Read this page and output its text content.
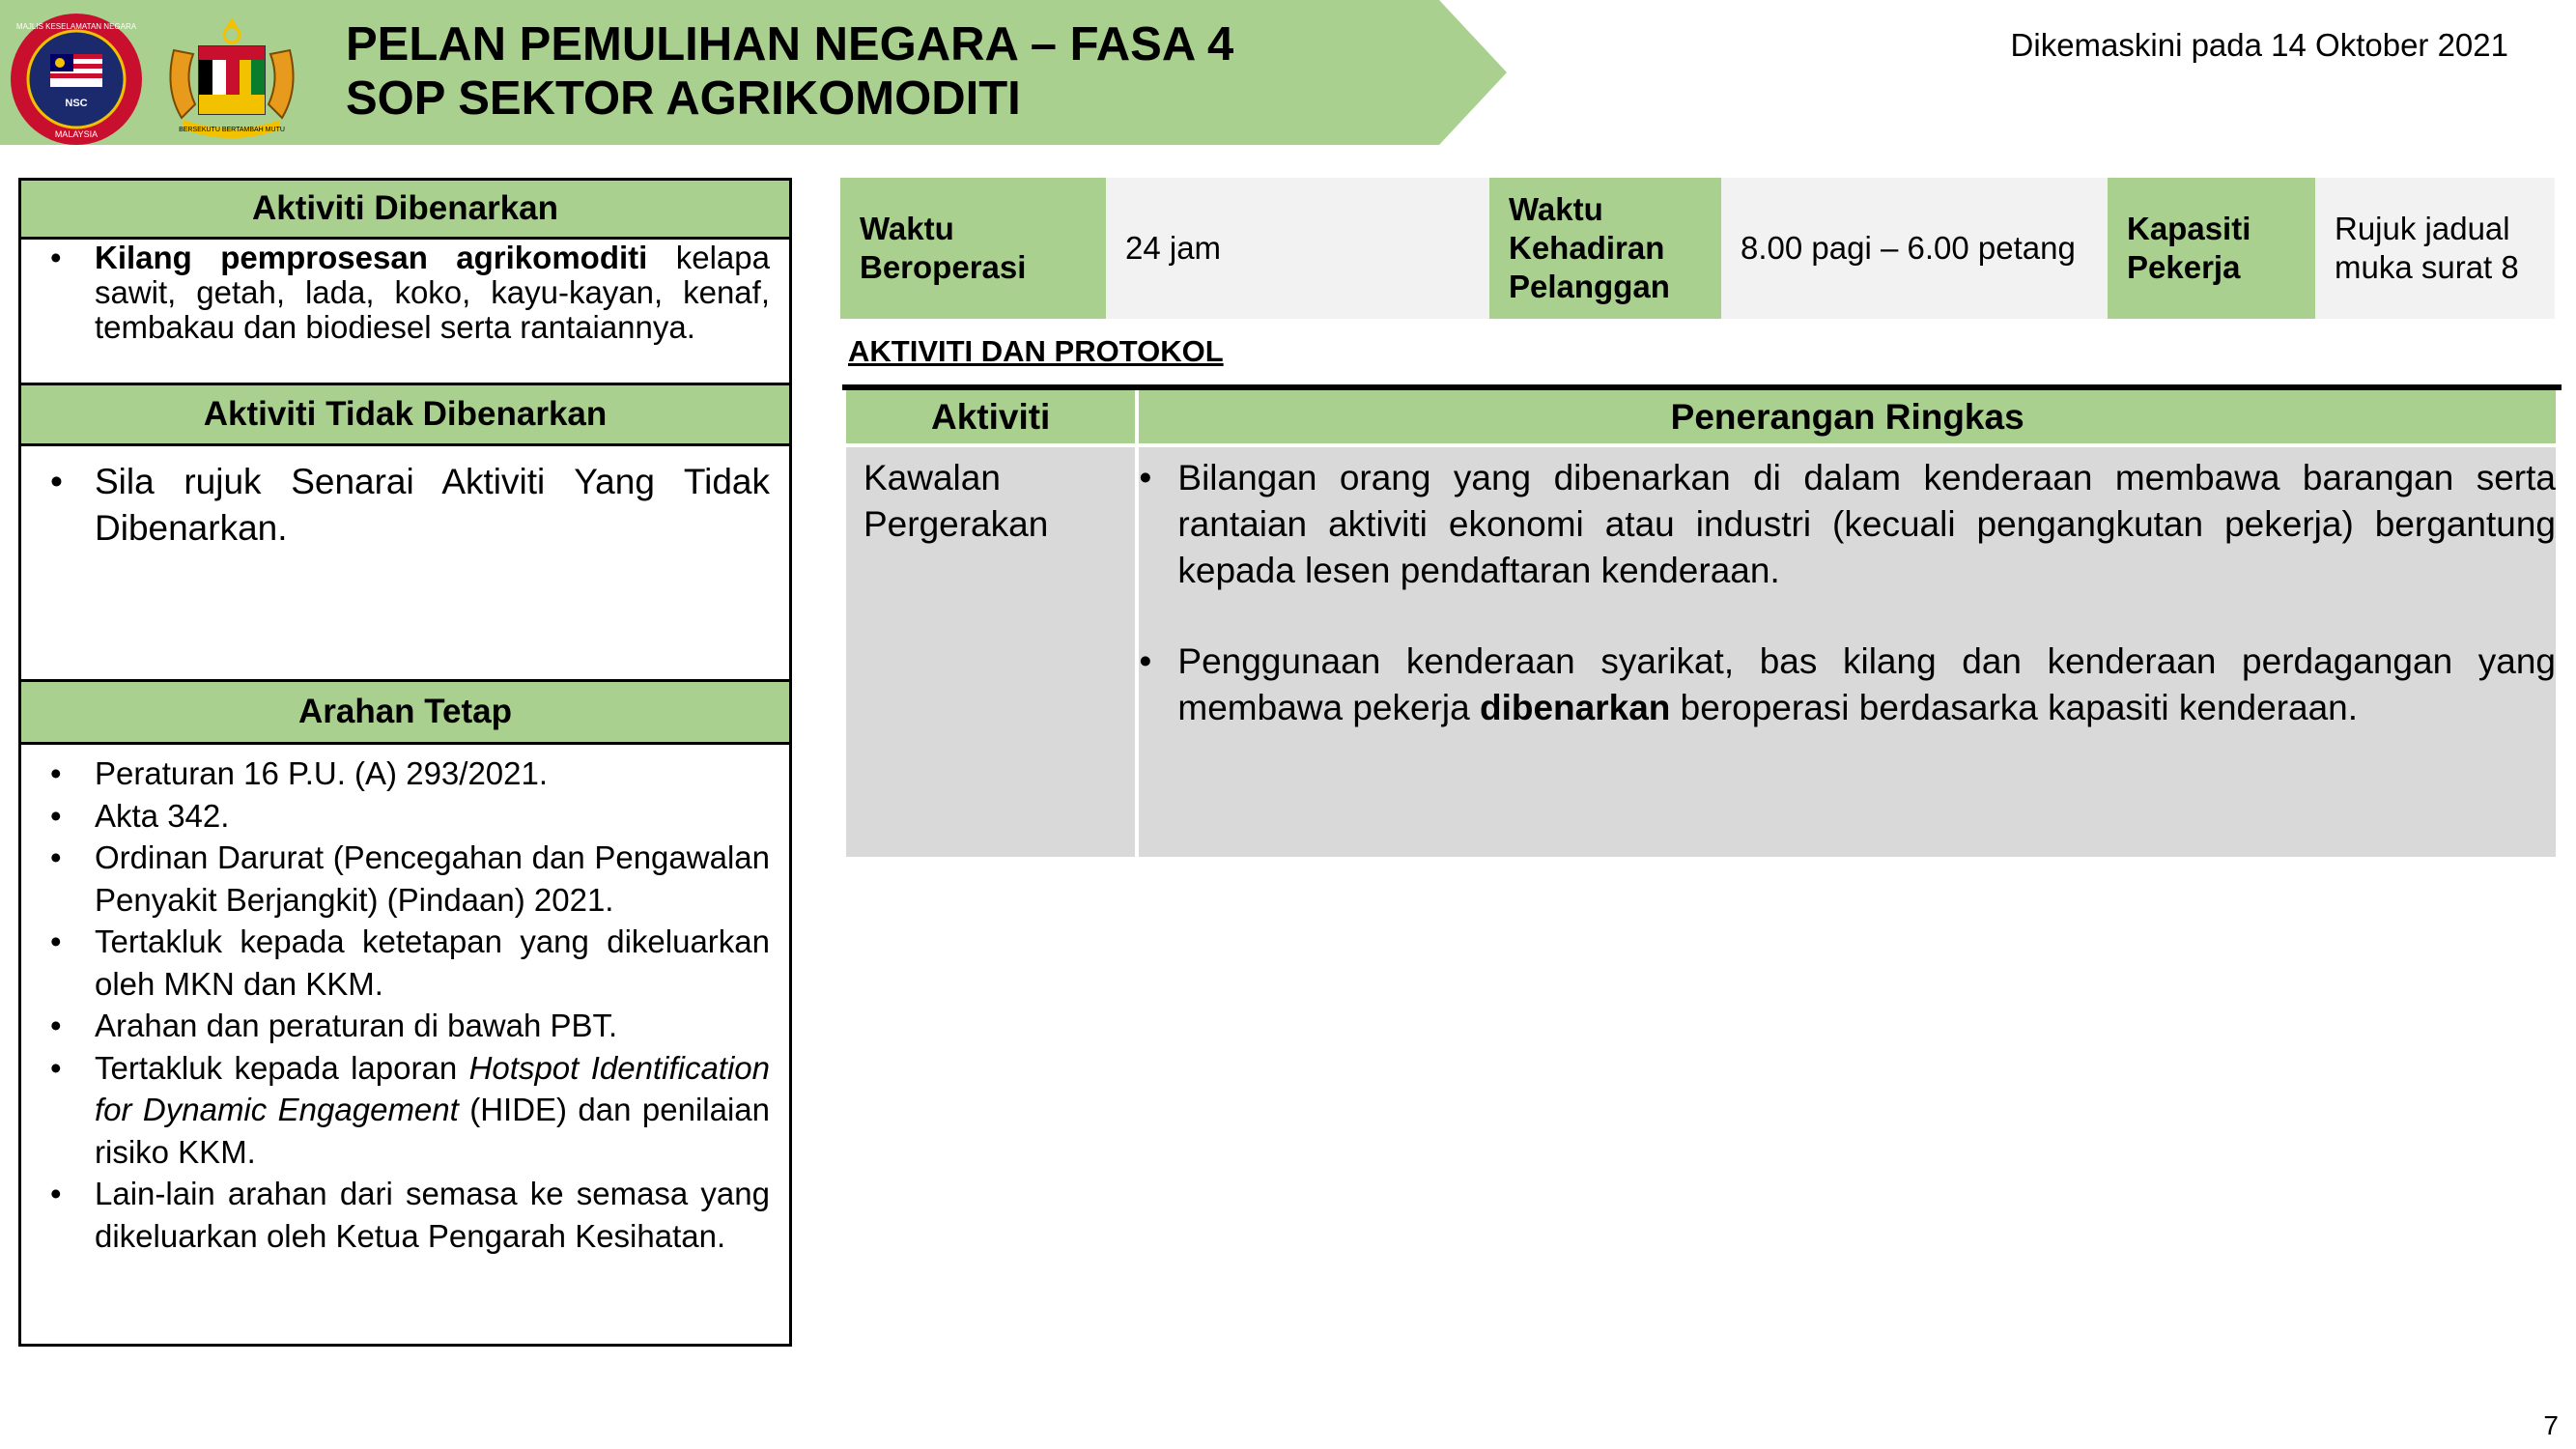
NSC
MAJLIS KESELAMATAN NEGARA
MALAYSIA	BERSEKUTU BERTAMBAH MUTU
PELAN PEMULIHAN NEGARA – FASA 4
SOP SEKTOR AGRIKOMODITI
Dikemaskini pada 14 Oktober 2021
Aktiviti Dibenarkan
• Kilang pemprosesan agrikomoditi kelapa sawit, getah, lada, koko, kayu-kayan, kenaf, tembakau dan biodiesel serta rantaiannya.
Aktiviti Tidak Dibenarkan
• Sila rujuk Senarai Aktiviti Yang Tidak Dibenarkan.
Arahan Tetap
• Peraturan 16 P.U. (A) 293/2021.
• Akta 342.
• Ordinan Darurat (Pencegahan dan Pengawalan Penyakit Berjangkit) (Pindaan) 2021.
• Tertakluk kepada ketetapan yang dikeluarkan oleh MKN dan KKM.
• Arahan dan peraturan di bawah PBT.
• Tertakluk kepada laporan Hotspot Identification for Dynamic Engagement (HIDE) dan penilaian risiko KKM.
• Lain-lain arahan dari semasa ke semasa yang dikeluarkan oleh Ketua Pengarah Kesihatan.
Waktu Beroperasi
24 jam
Waktu Kehadiran Pelanggan
8.00 pagi – 6.00 petang
Kapasiti Pekerja
Rujuk jadual muka surat 8
AKTIVITI DAN PROTOKOL
Aktiviti	Penerangan Ringkas
Kawalan Pergerakan
• Bilangan orang yang dibenarkan di dalam kenderaan membawa barangan serta rantaian aktiviti ekonomi atau industri (kecuali pengangkutan pekerja) bergantung kepada lesen pendaftaran kenderaan.
• Penggunaan kenderaan syarikat, bas kilang dan kenderaan perdagangan yang membawa pekerja dibenarkan beroperasi berdasarka kapasiti kenderaan.
7
